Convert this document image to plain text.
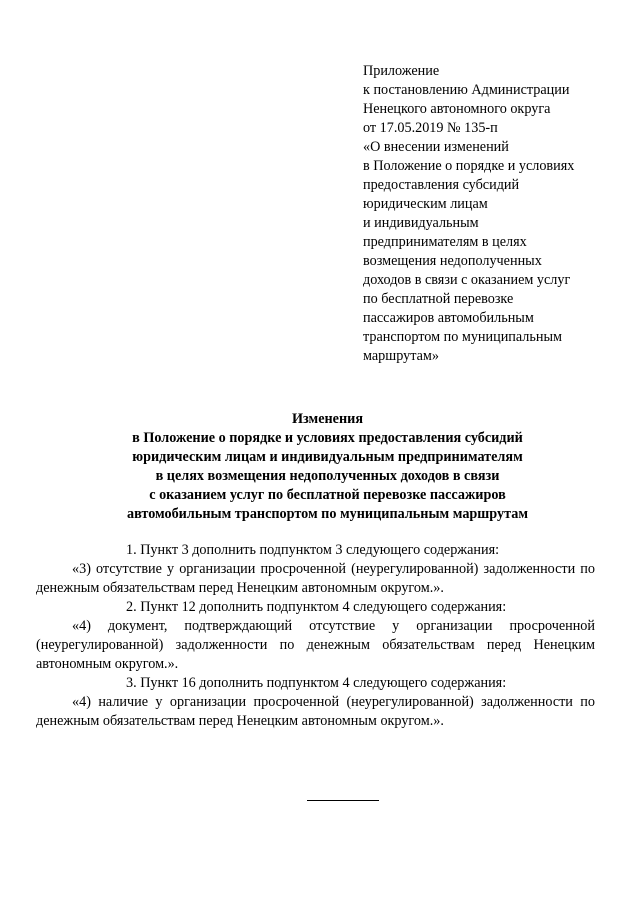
Приложение
к постановлению Администрации
Ненецкого автономного округа
от 17.05.2019 № 135-п
«О внесении изменений
в Положение о порядке и условиях
предоставления субсидий
юридическим лицам
и индивидуальным
предпринимателям в целях
возмещения недополученных
доходов в связи с оказанием услуг
по бесплатной перевозке
пассажиров автомобильным
транспортом по муниципальным
маршрутам»
Изменения
в Положение о порядке и условиях предоставления субсидий
юридическим лицам и индивидуальным предпринимателям
в целях возмещения недополученных доходов в связи
с оказанием услуг по бесплатной перевозке пассажиров
автомобильным транспортом по муниципальным маршрутам

1. Пункт 3 дополнить подпунктом 3 следующего содержания:

«3) отсутствие у организации просроченной (неурегулированной) задолженности по денежным обязательствам перед Ненецким автономным округом.».

2. Пункт 12 дополнить подпунктом 4 следующего содержания:

«4) документ, подтверждающий отсутствие у организации просроченной (неурегулированной) задолженности по денежным обязательствам перед Ненецким автономным округом.».

3. Пункт 16 дополнить подпунктом 4 следующего содержания:

«4) наличие у организации просроченной (неурегулированной) задолженности по денежным обязательствам перед Ненецким автономным округом.».
